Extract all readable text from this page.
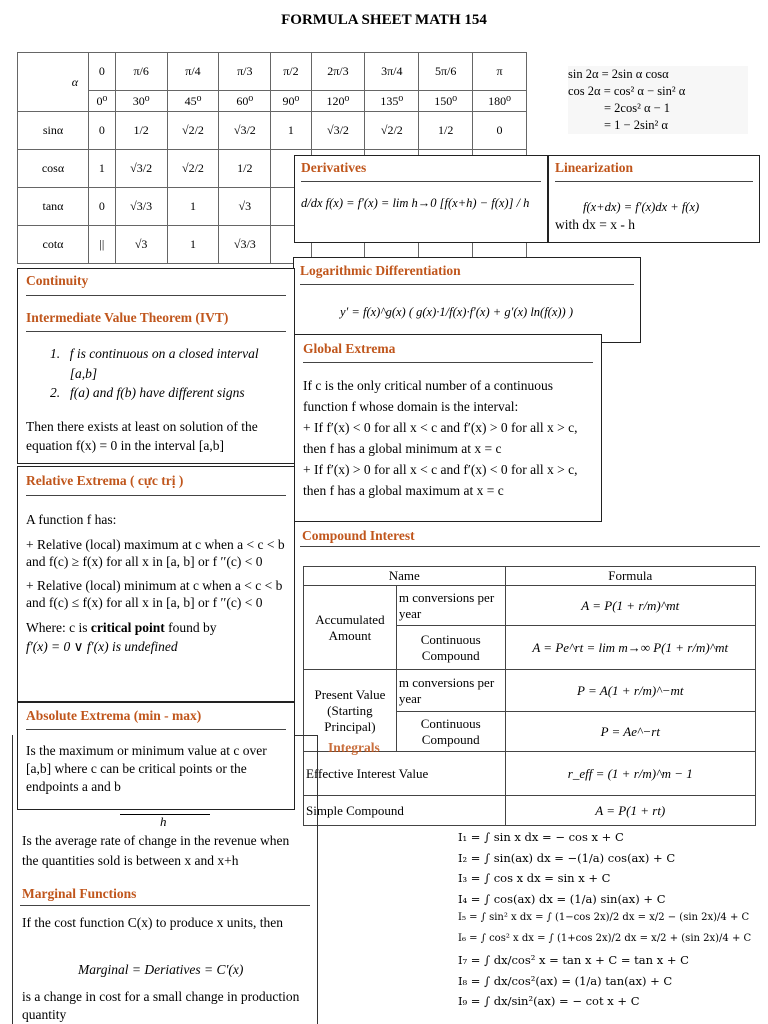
FORMULA SHEET MATH 154
α	0	π/6	π/4	π/3	π/2	2π/3	3π/4	5π/6	π
	0⁰	30⁰	45⁰	60⁰	90⁰	120⁰	135⁰	150⁰	180⁰
sinα	0	1/2	√2/2	√3/2	1	√3/2	√2/2	1/2	0
cosα	1	√3/2	√2/2	1/2					
tanα	0	√3/3	1	√3					
cotα	||	√3	1	√3/3					
sin 2α = 2sin α cosα
cos 2α = cos² α − sin² α
= 2cos² α − 1
= 1 − 2sin² α
Derivatives
d/dx f(x) = f′(x) = lim h→0 [f(x+h) − f(x)] / h
Linearization
f(x+dx) = f′(x)dx + f(x)
with dx = x - h
Logarithmic Differentiation
y′ = f(x)^g(x) ( g(x)·1/f(x)·f′(x) + g′(x) ln(f(x)) )
Continuity
Intermediate Value Theorem (IVT)
1. f is continuous on a closed interval [a,b]
2. f(a) and f(b) have different signs
Then there exists at least on solution of the equation f(x) = 0 in the interval [a,b]
Relative Extrema ( cực trị )
A function f has:
+ Relative (local) maximum at c when a < c < b and f(c) ≥ f(x) for all x in [a, b] or f ′′(c) < 0
+ Relative (local) minimum at c when a < c < b and f(c) ≤ f(x) for all x in [a, b] or f ′′(c) < 0
Where: c is critical point found by
f′(x) = 0 ∨ f′(x) is undefined
Global Extrema
If c is the only critical number of a continuous function f whose domain is the interval:
+ If f′(x) < 0 for all x < c and f′(x) > 0 for all x > c, then f has a global minimum at x = c
+ If f′(x) > 0 for all x < c and f′(x) < 0 for all x > c, then f has a global maximum at x = c
Compound Interest
Name		Formula
Accumulated Amount	m conversions per year	A = P(1 + r/m)^mt
	Continuous Compound	A = Pe^rt = lim m→∞ P(1 + r/m)^mt
Present Value (Starting Principal)	m conversions per year	P = A(1 + r/m)^−mt
	Continuous Compound	P = Ae^−rt
Effective Interest Value		r_eff = (1 + r/m)^m − 1
Simple Compound		A = P(1 + rt)
Integrals
I₁ = ∫ sin x dx = − cos x + C
I₂ = ∫ sin(ax) dx = −(1/a) cos(ax) + C
I₃ = ∫ cos x dx = sin x + C
I₄ = ∫ cos(ax) dx = (1/a) sin(ax) + C
I₅ = ∫ sin² x dx = ∫ (1−cos 2x)/2 dx = x/2 − (sin 2x)/4 + C
I₆ = ∫ cos² x dx = ∫ (1+cos 2x)/2 dx = x/2 + (sin 2x)/4 + C
I₇ = ∫ dx/cos² x = tan x + C = tan x + C
I₈ = ∫ dx/cos²(ax) = (1/a) tan(ax) + C
I₉ = ∫ dx/sin²(ax) = − cot x + C
Absolute Extrema (min - max)
Is the maximum or minimum value at c over [a,b] where c can be critical points or the endpoints a and b
h
Is the average rate of change in the revenue when the quantities sold is between x and x+h
Marginal Functions
If the cost function C(x) to produce x units, then
Marginal = Deriatives = C′(x)
is a change in cost for a small change in production quantity
